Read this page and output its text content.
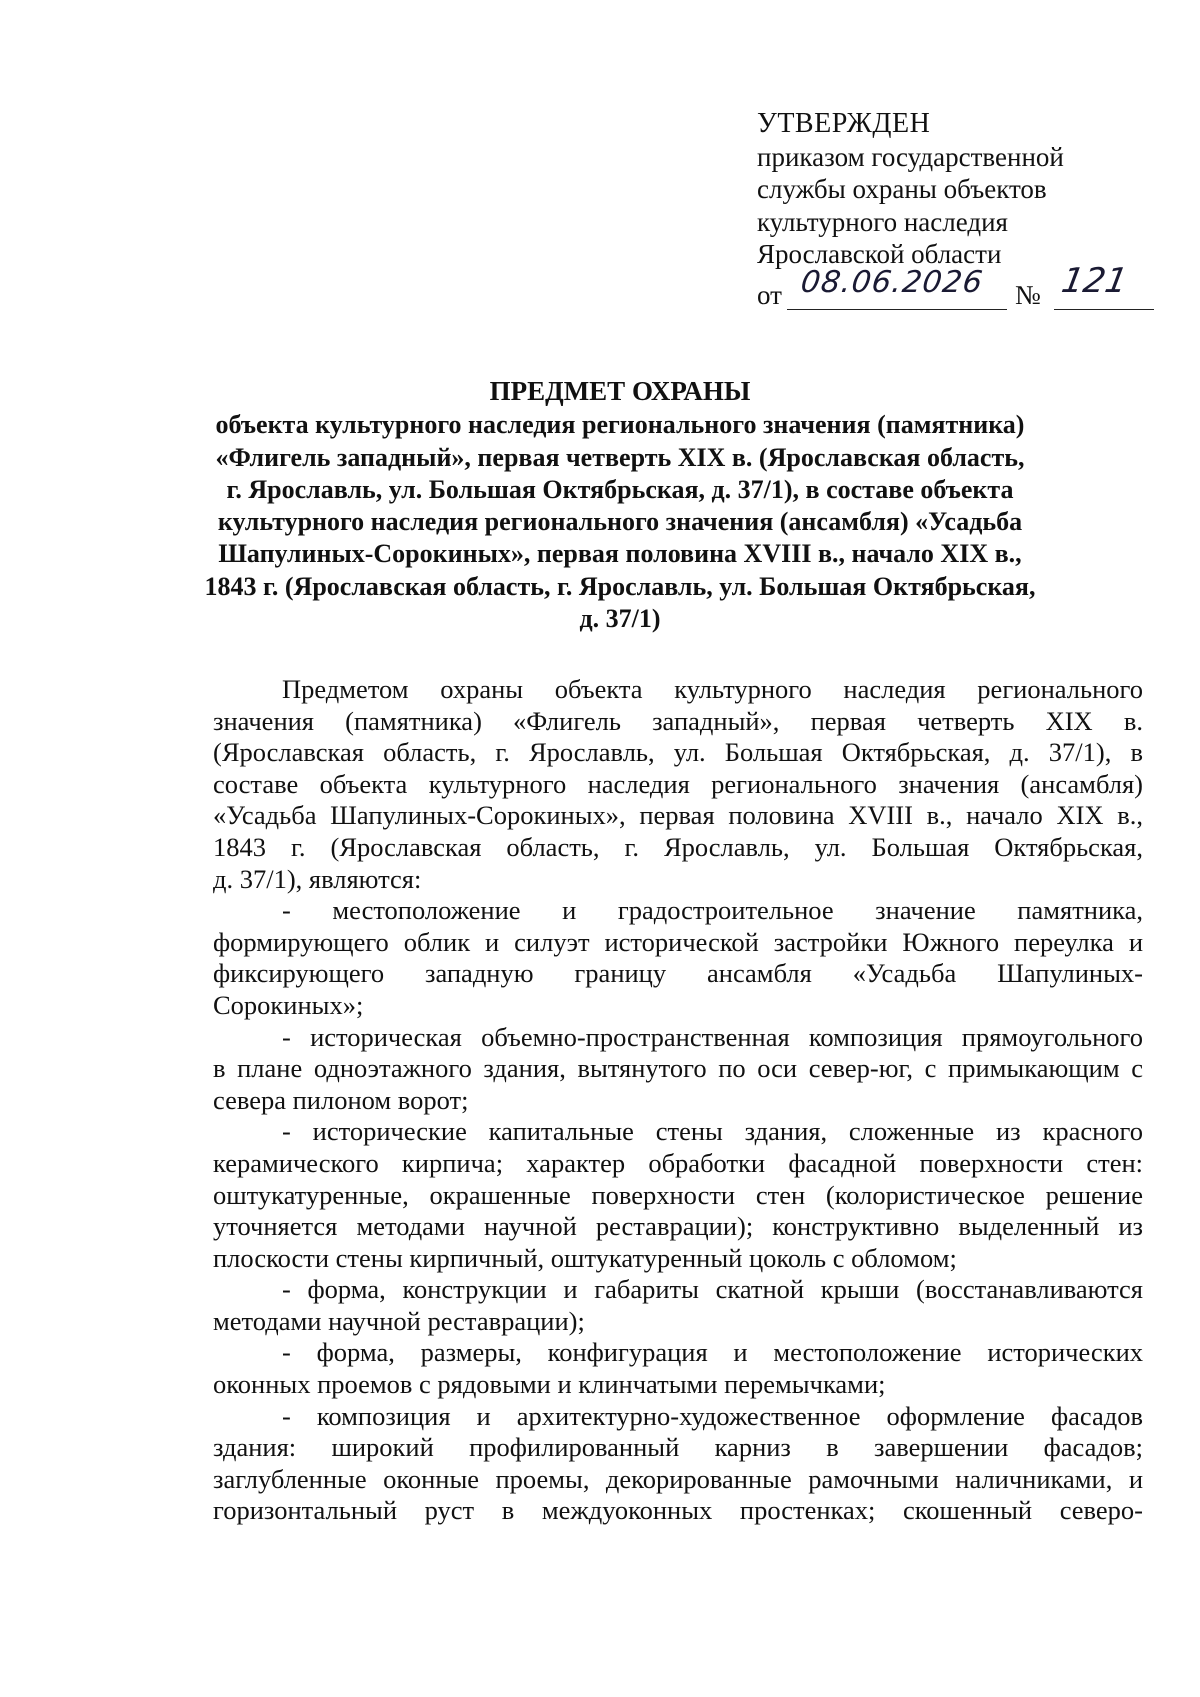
УТВЕРЖДЕН
приказом государственной
службы охраны объектов
культурного наследия
Ярославской области
от 08.06.2026 № 121
ПРЕДМЕТ ОХРАНЫ
объекта культурного наследия регионального значения (памятника)
«Флигель западный», первая четверть XIX в. (Ярославская область,
г. Ярославль, ул. Большая Октябрьская, д. 37/1), в составе объекта
культурного наследия регионального значения (ансамбля) «Усадьба
Шапулиных-Сорокиных», первая половина XVIII в., начало XIX в.,
1843 г. (Ярославская область, г. Ярославль, ул. Большая Октябрьская,
д. 37/1)
Предметом охраны объекта культурного наследия регионального
значения (памятника) «Флигель западный», первая четверть XIX в.
(Ярославская область, г. Ярославль, ул. Большая Октябрьская, д. 37/1), в
составе объекта культурного наследия регионального значения (ансамбля)
«Усадьба Шапулиных-Сорокиных», первая половина XVIII в., начало XIX в.,
1843 г. (Ярославская область, г. Ярославль, ул. Большая Октябрьская,
д. 37/1), являются:
- местоположение и градостроительное значение памятника,
формирующего облик и силуэт исторической застройки Южного переулка и
фиксирующего западную границу ансамбля «Усадьба Шапулиных-
Сорокиных»;
- историческая объемно-пространственная композиция прямоугольного
в плане одноэтажного здания, вытянутого по оси север-юг, с примыкающим с
севера пилоном ворот;
- исторические капитальные стены здания, сложенные из красного
керамического кирпича; характер обработки фасадной поверхности стен:
оштукатуренные, окрашенные поверхности стен (колористическое решение
уточняется методами научной реставрации); конструктивно выделенный из
плоскости стены кирпичный, оштукатуренный цоколь с обломом;
- форма, конструкции и габариты скатной крыши (восстанавливаются
методами научной реставрации);
- форма, размеры, конфигурация и местоположение исторических
оконных проемов с рядовыми и клинчатыми перемычками;
- композиция и архитектурно-художественное оформление фасадов
здания: широкий профилированный карниз в завершении фасадов;
заглубленные оконные проемы, декорированные рамочными наличниками, и
горизонтальный руст в междуоконных простенках; скошенный северо-
